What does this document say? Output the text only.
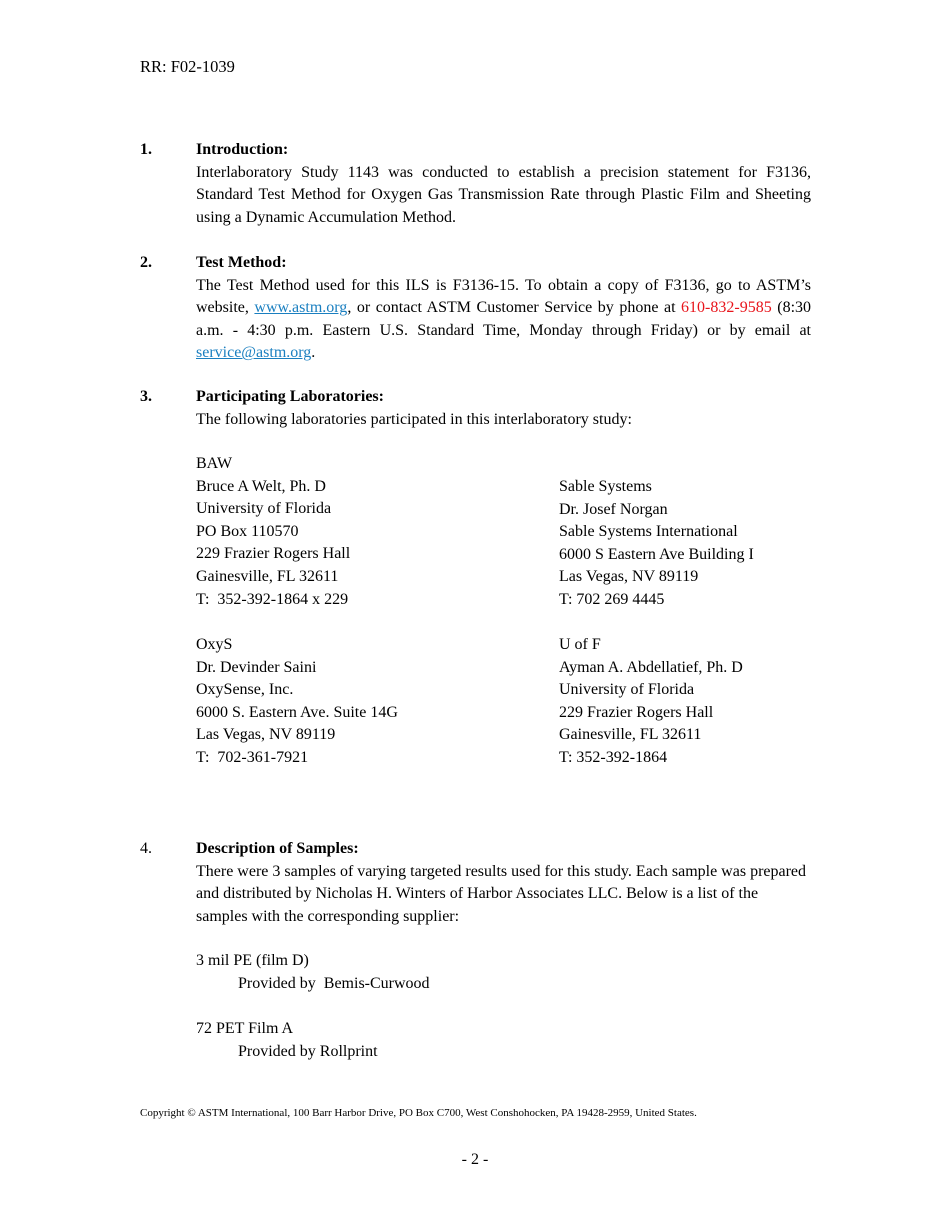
RR: F02-1039
1.	Introduction:

Interlaboratory Study 1143 was conducted to establish a precision statement for F3136, Standard Test Method for Oxygen Gas Transmission Rate through Plastic Film and Sheeting using a Dynamic Accumulation Method.

2.	Test Method:

The Test Method used for this ILS is F3136-15. To obtain a copy of F3136, go to ASTM’s website, www.astm.org, or contact ASTM Customer Service by phone at 610-832-9585 (8:30 a.m. - 4:30 p.m. Eastern U.S. Standard Time, Monday through Friday) or by email at service@astm.org.

3.	Participating Laboratories:

The following laboratories participated in this interlaboratory study:

BAW
Bruce A Welt, Ph. D
University of Florida
PO Box 110570
229 Frazier Rogers Hall
Gainesville, FL 32611
T:  352-392-1864 x 229
Sable Systems
Dr. Josef Norgan
Sable Systems International
6000 S Eastern Ave Building I
Las Vegas, NV 89119
T: 702 269 4445
OxyS
Dr. Devinder Saini
OxySense, Inc.
6000 S. Eastern Ave. Suite 14G
Las Vegas, NV 89119
T:  702-361-7921
U of F
Ayman A. Abdellatief, Ph. D
University of Florida
229 Frazier Rogers Hall
Gainesville, FL 32611
T: 352-392-1864
4.	Description of Samples:

There were 3 samples of varying targeted results used for this study. Each sample was prepared and distributed by Nicholas H. Winters of Harbor Associates LLC. Below is a list of the samples with the corresponding supplier:

3 mil PE (film D)
Provided by  Bemis-Curwood
72 PET Film A
Provided by Rollprint
Copyright © ASTM International, 100 Barr Harbor Drive, PO Box C700, West Conshohocken, PA 19428-2959, United States.
- 2 -
